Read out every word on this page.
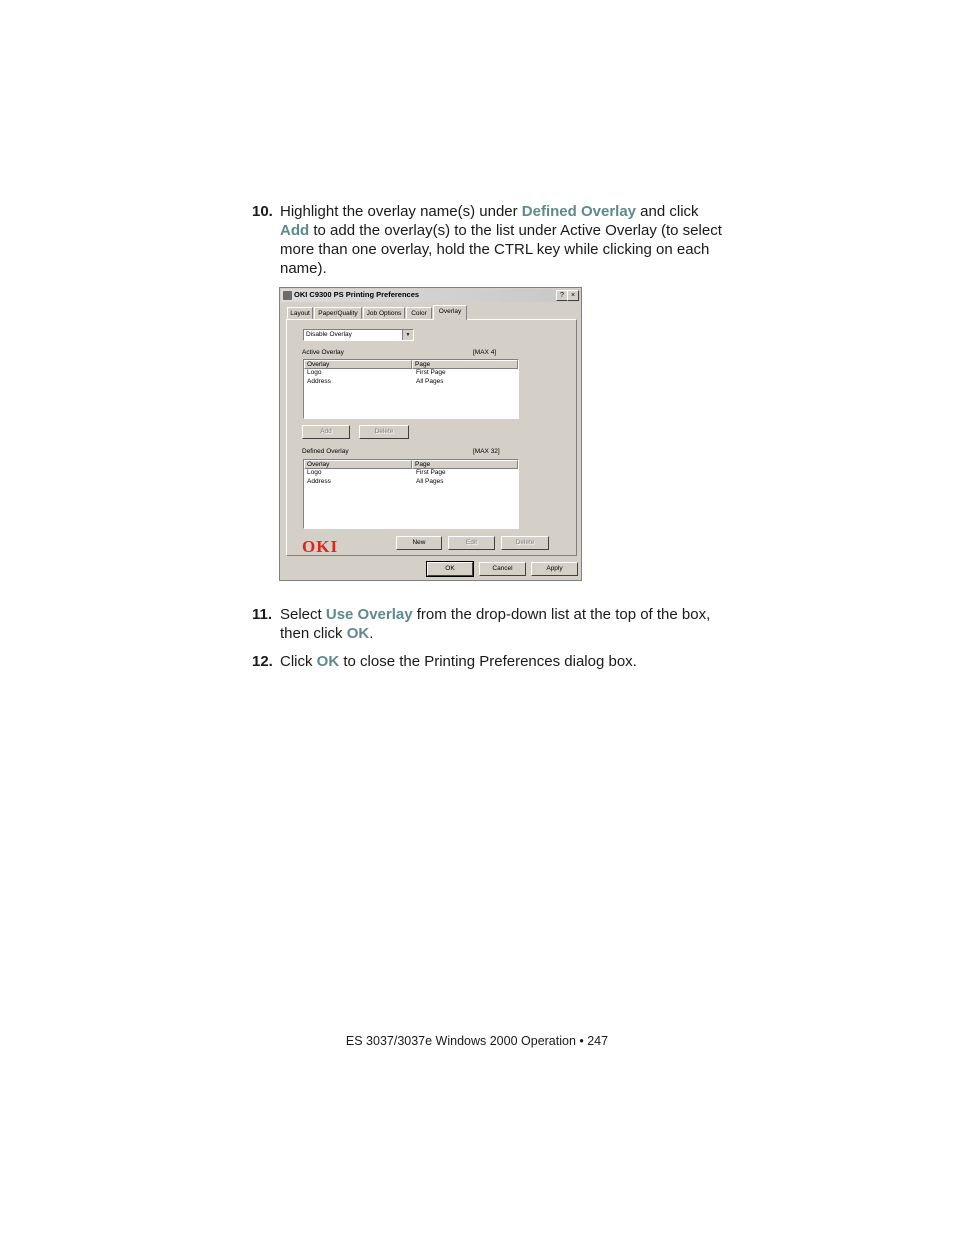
10. Highlight the overlay name(s) under Defined Overlay and click Add to add the overlay(s) to the list under Active Overlay (to select more than one overlay, hold the CTRL key while clicking on each name).
OKI C9300 PS Printing Preferences	?	×
Layout	Paper/Quality	Job Options	Color	Overlay
Disable Overlay	▼
Active Overlay	[MAX 4]
Overlay	Page
Logo	First Page
Address	All Pages
Add	Delete
Defined Overlay	[MAX 32]
Overlay	Page
Logo	First Page
Address	All Pages
OKI	New	Edit	Delete
OK	Cancel	Apply
11. Select Use Overlay from the drop-down list at the top of the box, then click OK.
12. Click OK to close the Printing Preferences dialog box.
ES 3037/3037e Windows 2000 Operation • 247
